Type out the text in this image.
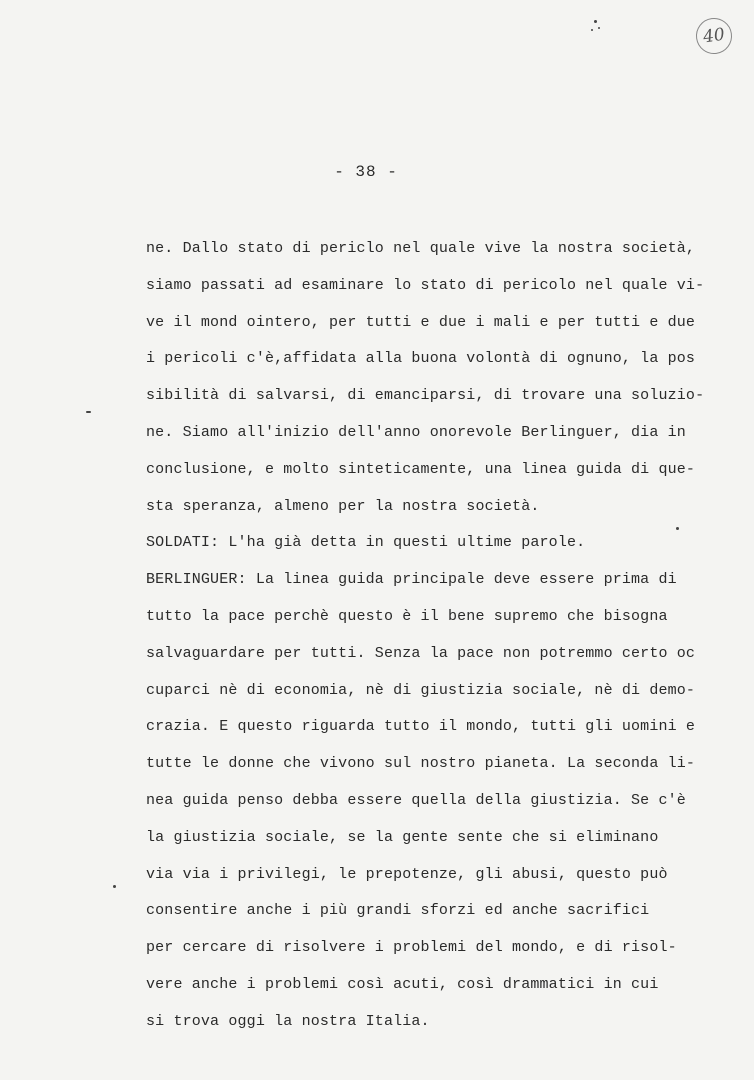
40
- 38 -
ne. Dallo stato di periclo nel quale vive la nostra società,
siamo passati ad esaminare lo stato di pericolo nel quale vi-
ve il mond ointero, per tutti e due i mali e per tutti e due
i pericoli c'è,affidata alla buona volontà di ognuno, la pos
sibilità di salvarsi, di emanciparsi, di trovare una soluzio-
ne. Siamo all'inizio dell'anno onorevole Berlinguer, dia in
conclusione, e molto sinteticamente, una linea guida di que-
sta speranza, almeno per la nostra società.
SOLDATI: L'ha già detta in questi ultime parole.
BERLINGUER: La linea guida principale deve essere prima di
tutto la pace perchè questo è il bene supremo che bisogna
salvaguardare per tutti. Senza la pace non potremmo certo oc
cuparci nè di economia, nè di giustizia sociale, nè di demo-
crazia. E questo riguarda tutto il mondo, tutti gli uomini e
tutte le donne che vivono sul nostro pianeta. La seconda li-
nea guida penso debba essere quella della giustizia. Se c'è
la giustizia sociale, se la gente sente che si eliminano
via via i privilegi, le prepotenze, gli abusi, questo può
consentire anche i più grandi sforzi ed anche sacrifici
per cercare di risolvere i problemi del mondo, e di risol-
vere anche i problemi così acuti, così drammatici in cui
si trova oggi la nostra Italia.
